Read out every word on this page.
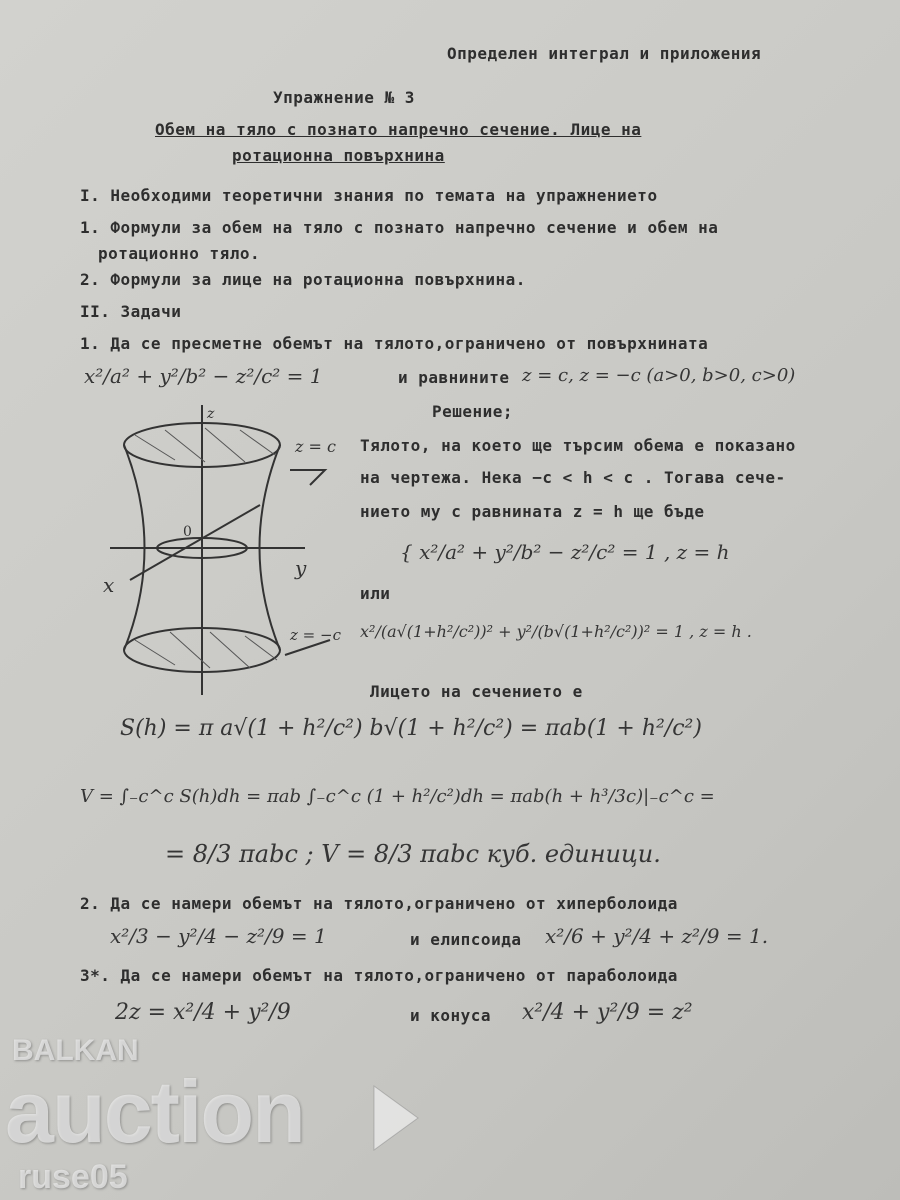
Определен интеграл и приложения
Упражнение № 3
Обем на тяло с познато напречно сечение. Лице на
ротационна повърхнина
I. Необходими теоретични знания по темата на упражнението
1. Формули за обем на тяло с познато напречно сечение и обем на
ротационно тяло.
2. Формули за лице на ротационна повърхнина.
II. Задачи
1. Да се пресметне обемът на тялото,ограничено от повърхнината
x²/a² + y²/b² − z²/c² = 1	и равнините z = c, z = −c (a>0, b>0, c>0)
Решение;
z
y
x
0
z = c
z = −c
Тялото, на което ще търсим обема е показано
на чертежа. Нека −c < h < c . Тогава сече-
нието му с равнината z = h ще бъде
{ x²/a² + y²/b² − z²/c² = 1 , z = h
или
x²/(a√(1+h²/c²))² + y²/(b√(1+h²/c²))² = 1 , z = h .
Лицето на сечението е
S(h) = π a√(1 + h²/c²) b√(1 + h²/c²) = πab(1 + h²/c²)
V = ∫₋c^c S(h)dh = πab ∫₋c^c (1 + h²/c²)dh = πab(h + h³/3c)|₋c^c =
= 8/3 πabc ; V = 8/3 πabc куб. единици.
2. Да се намери обемът на тялото,ограничено от хиперболоида
x²/3 − y²/4 − z²/9 = 1	и елипсоида x²/6 + y²/4 + z²/9 = 1.
3*. Да се намери обемът на тялото,ограничено от параболоида
2z = x²/4 + y²/9	и конуса x²/4 + y²/9 = z²
BALKAN
auction
ruse05
